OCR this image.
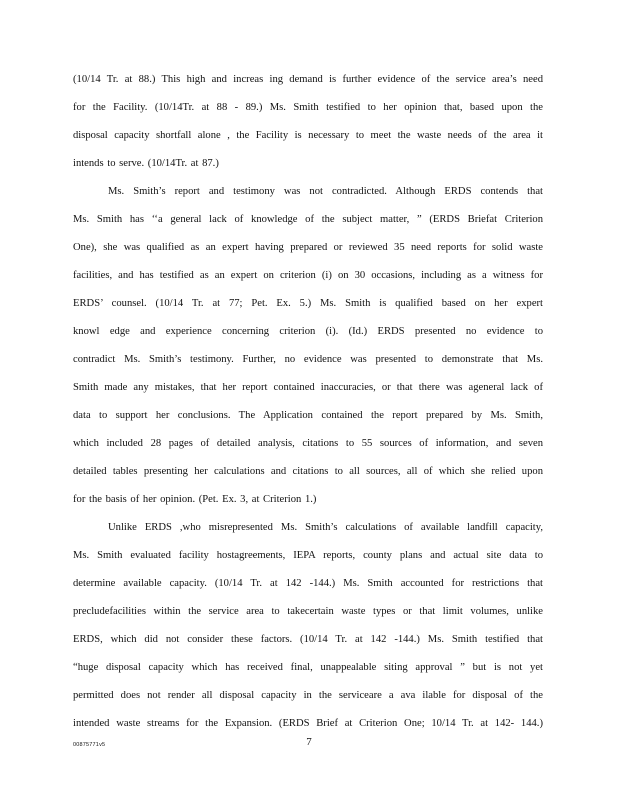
(10/14 Tr. at 88.) This high and increas ing demand is further evidence of the service area’s need
for the Facility. (10/14Tr. at 88 - 89.) Ms. Smith testified to her opinion that, based upon the
disposal capacity shortfall alone , the Facility is necessary to meet the waste needs of the area it
intends to serve. (10/14Tr. at 87.)
Ms. Smith’s report and testimony was not contradicted. Although ERDS contends that
Ms. Smith has ‘‘a general lack of knowledge of the subject matter, ” (ERDS Briefat Criterion
One), she was qualified as an expert having prepared or reviewed 35 need reports for solid waste
facilities, and has testified as an expert on criterion (i) on 30 occasions, including as a witness for
ERDS’ counsel. (10/14 Tr. at 77; Pet. Ex. 5.) Ms. Smith is qualified based on her expert
knowl edge and experience concerning criterion (i). (Id.) ERDS presented no evidence to
contradict Ms. Smith’s testimony. Further, no evidence was presented to demonstrate that Ms.
Smith made any mistakes, that her report contained inaccuracies, or that there was ageneral lack of
data to support her conclusions. The Application contained the report prepared by Ms. Smith,
which included 28 pages of detailed analysis, citations to 55 sources of information, and seven
detailed tables presenting her calculations and citations to all sources, all of which she relied upon
for the basis of her opinion. (Pet. Ex. 3, at Criterion 1.)
Unlike ERDS ,who misrepresented Ms. Smith’s calculations of available landfill capacity,
Ms. Smith evaluated facility hostagreements, IEPA reports, county plans and actual site data to
determine available capacity. (10/14 Tr. at 142 -144.) Ms. Smith accounted for restrictions that
precludefacilities within the service area to takecertain waste types or that limit volumes, unlike
ERDS, which did not consider these factors. (10/14 Tr. at 142 -144.) Ms. Smith testified that
“huge disposal capacity which has received final, unappealable siting approval ” but is not yet
permitted does not render all disposal capacity in the serviceare a ava ilable for disposal of the
intended waste streams for the Expansion. (ERDS Brief at Criterion One; 10/14 Tr. at 142- 144.)
7
00875771v5
